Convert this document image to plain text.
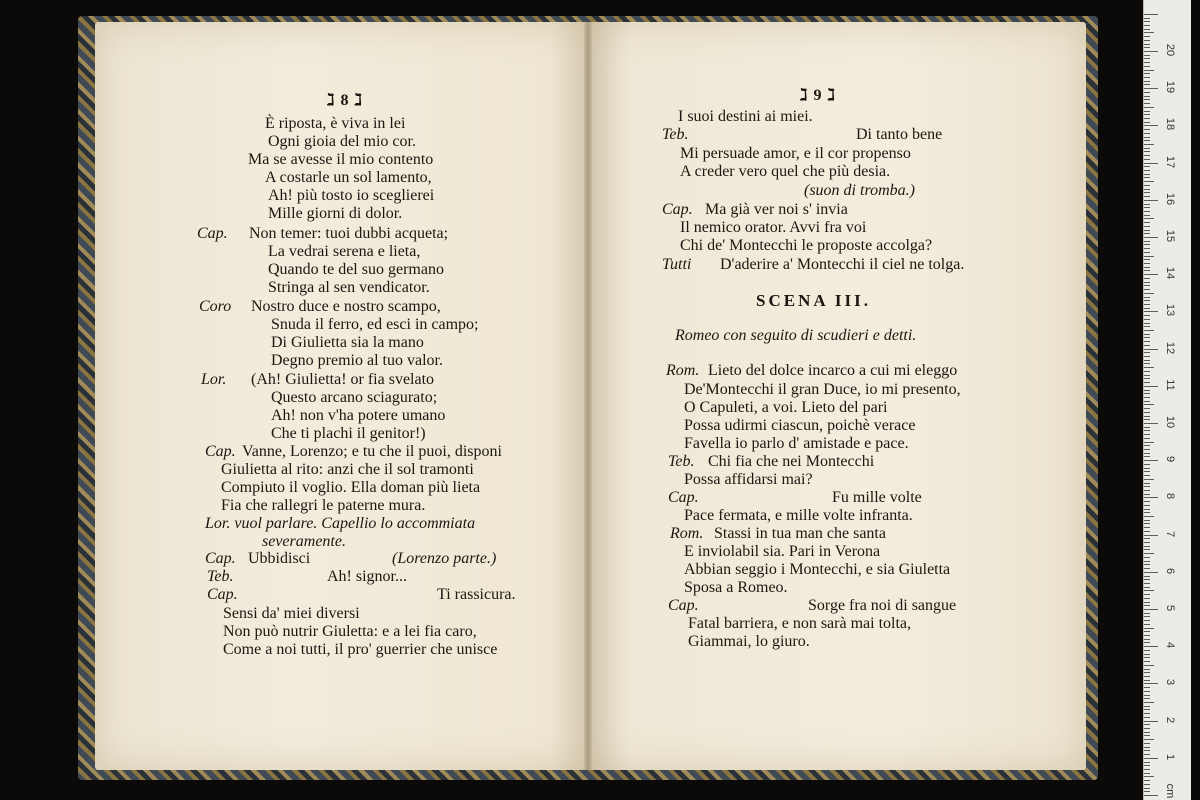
ℷ 8 ℷ
È riposta, è viva in lei
Ogni gioia del mio cor.
Ma se avesse il mio contento
A costarle un sol lamento,
Ah! più tosto io sceglierei
Mille giorni di dolor.
Cap. Non temer: tuoi dubbi acqueta;
La vedrai serena e lieta,
Quando te del suo germano
Stringa al sen vendicator.
Coro Nostro duce e nostro scampo,
Snuda il ferro, ed esci in campo;
Di Giulietta sia la mano
Degno premio al tuo valor.
Lor. (Ah! Giulietta! or fia svelato
Questo arcano sciagurato;
Ah! non v'ha potere umano
Che ti plachi il genitor!)
Cap. Vanne, Lorenzo; e tu che il puoi, disponi
Giulietta al rito: anzi che il sol tramonti
Compiuto il voglio. Ella doman più lieta
Fia che rallegri le paterne mura.
Lor. vuol parlare. Capellio lo accommiata
severamente.
Cap. Ubbidisci
Teb.	Ah! signor...
Cap.	Ti rassicura.
Sensi da' miei diversi
Non può nutrir Giuletta: e a lei fia caro,
Come a noi tutti, il pro' guerrier che unisce
(Lorenzo parte.)
ℷ 9 ℷ
SCENA III.
Romeo con seguito di scudieri e detti.
I suoi destini ai miei.
Teb.	Di tanto bene
Mi persuade amor, e il cor propenso
A creder vero quel che più desia.
(suon di tromba.)
Cap. Ma già ver noi s' invia
Il nemico orator. Avvi fra voi
Chi de' Montecchi le proposte accolga?
Tutti D'aderire a' Montecchi il ciel ne tolga.
Rom. Lieto del dolce incarco a cui mi eleggo
De'Montecchi il gran Duce, io mi presento,
O Capuleti, a voi. Lieto del pari
Possa udirmi ciascun, poichè verace
Favella io parlo d' amistade e pace.
Teb. Chi fia che nei Montecchi
Possa affidarsi mai?
Cap.	Fu mille volte
Pace fermata, e mille volte infranta.
Rom. Stassi in tua man che santa
E inviolabil sia. Pari in Verona
Abbian seggio i Montecchi, e sia Giuletta
Sposa a Romeo.
Cap.	Sorge fra noi di sangue
Fatal barriera, e non sarà mai tolta,
Giammai, lo giuro.
1
2
3
4
5
6
7
8
9
10
11
12
13
14
15
16
17
18
19
20
cm
